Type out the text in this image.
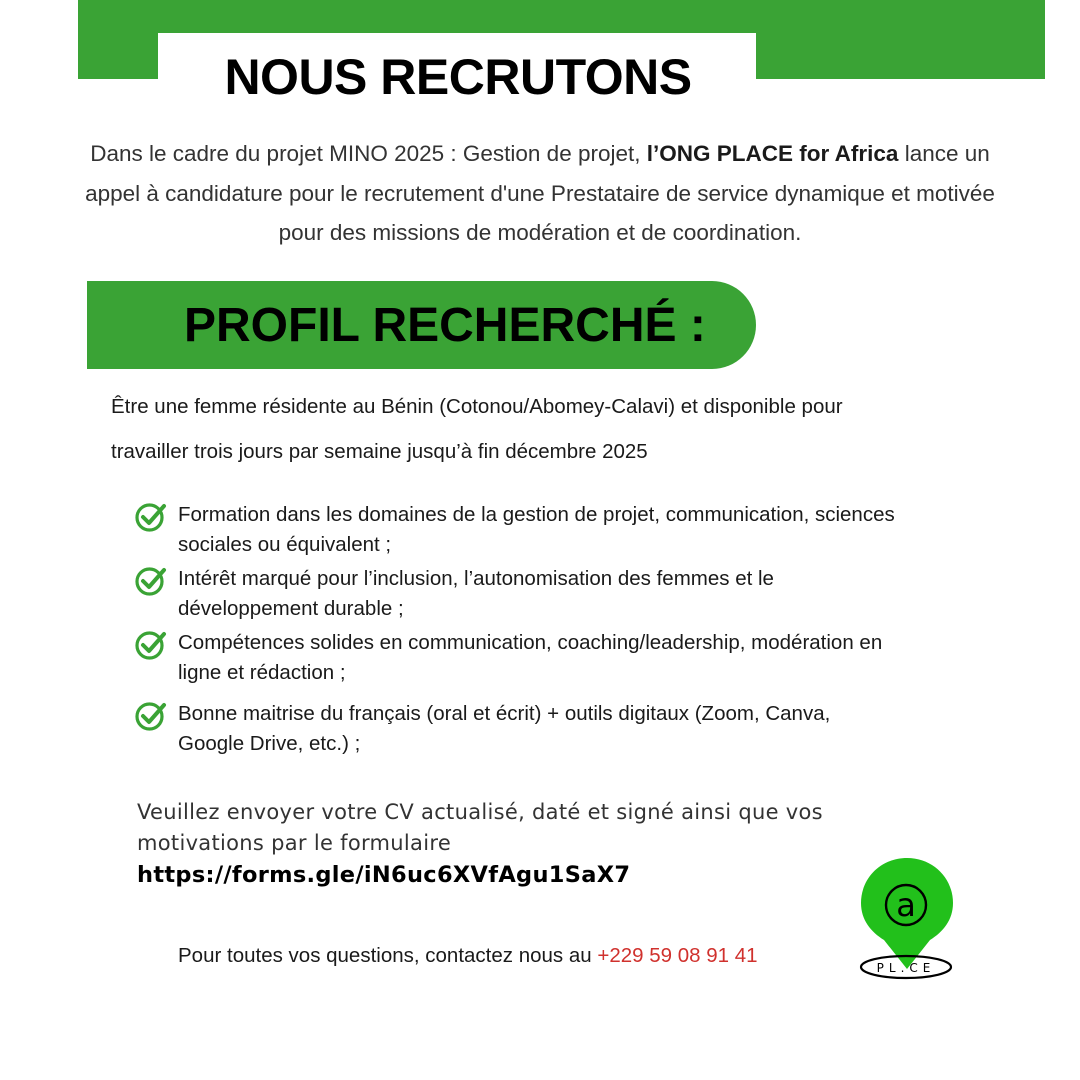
NOUS RECRUTONS
Dans le cadre du projet MINO 2025 : Gestion de projet, l’ONG PLACE for Africa lance un appel à candidature pour le recrutement d'une Prestataire de service dynamique et motivée pour des missions de modération et de coordination.
PROFIL RECHERCHÉ :
Être une femme résidente au Bénin (Cotonou/Abomey-Calavi) et disponible pour
travailler trois jours par semaine jusqu’à fin décembre 2025
Formation dans les domaines de la gestion de projet, communication, sciences
sociales ou équivalent ;
Intérêt marqué pour l’inclusion, l’autonomisation des femmes et le
développement durable ;
Compétences solides en communication, coaching/leadership, modération en
ligne et rédaction ;
Bonne maitrise du français (oral et écrit) + outils digitaux (Zoom, Canva,
Google Drive, etc.) ;
Veuillez envoyer votre CV actualisé, daté et signé ainsi que vos
motivations par le formulaire
https://forms.gle/iN6uc6XVfAgu1SaX7
Pour toutes vos questions, contactez nous au +229 59 08 91 41
a
PL.CE
